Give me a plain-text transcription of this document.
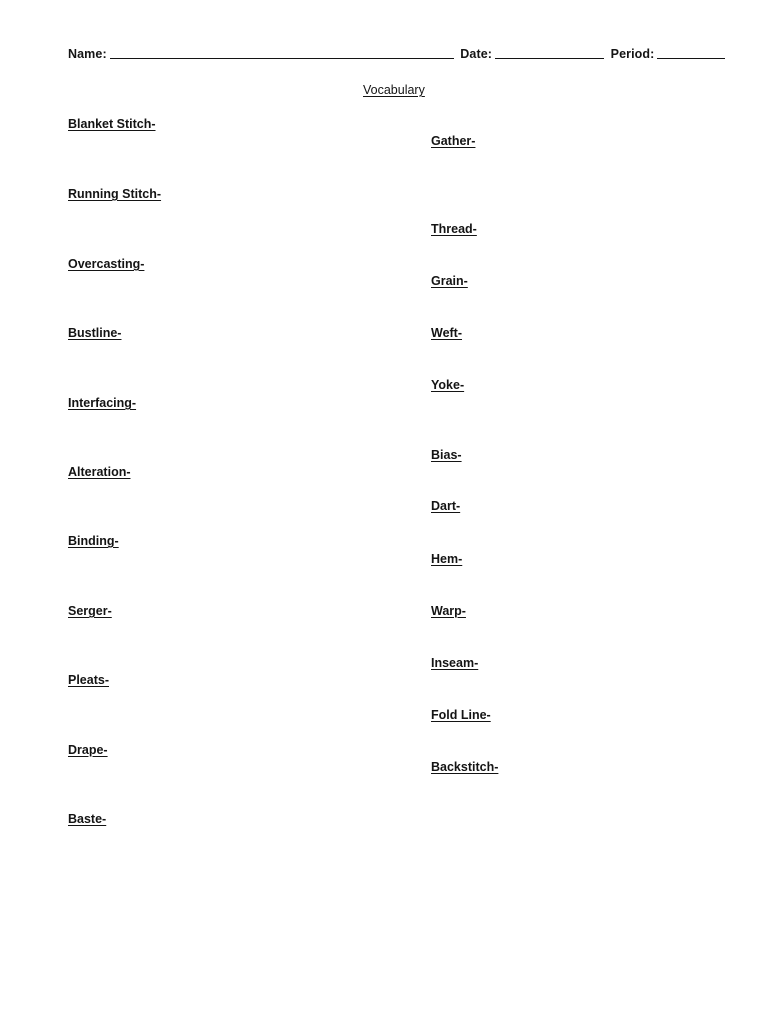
Name:	Date:	Period:
Vocabulary
Blanket Stitch-
Running Stitch-
Overcasting-
Bustline-
Interfacing-
Alteration-
Binding-
Serger-
Pleats-
Drape-
Baste-
Gather-
Thread-
Grain-
Weft-
Yoke-
Bias-
Dart-
Hem-
Warp-
Inseam-
Fold Line-
Backstitch-
